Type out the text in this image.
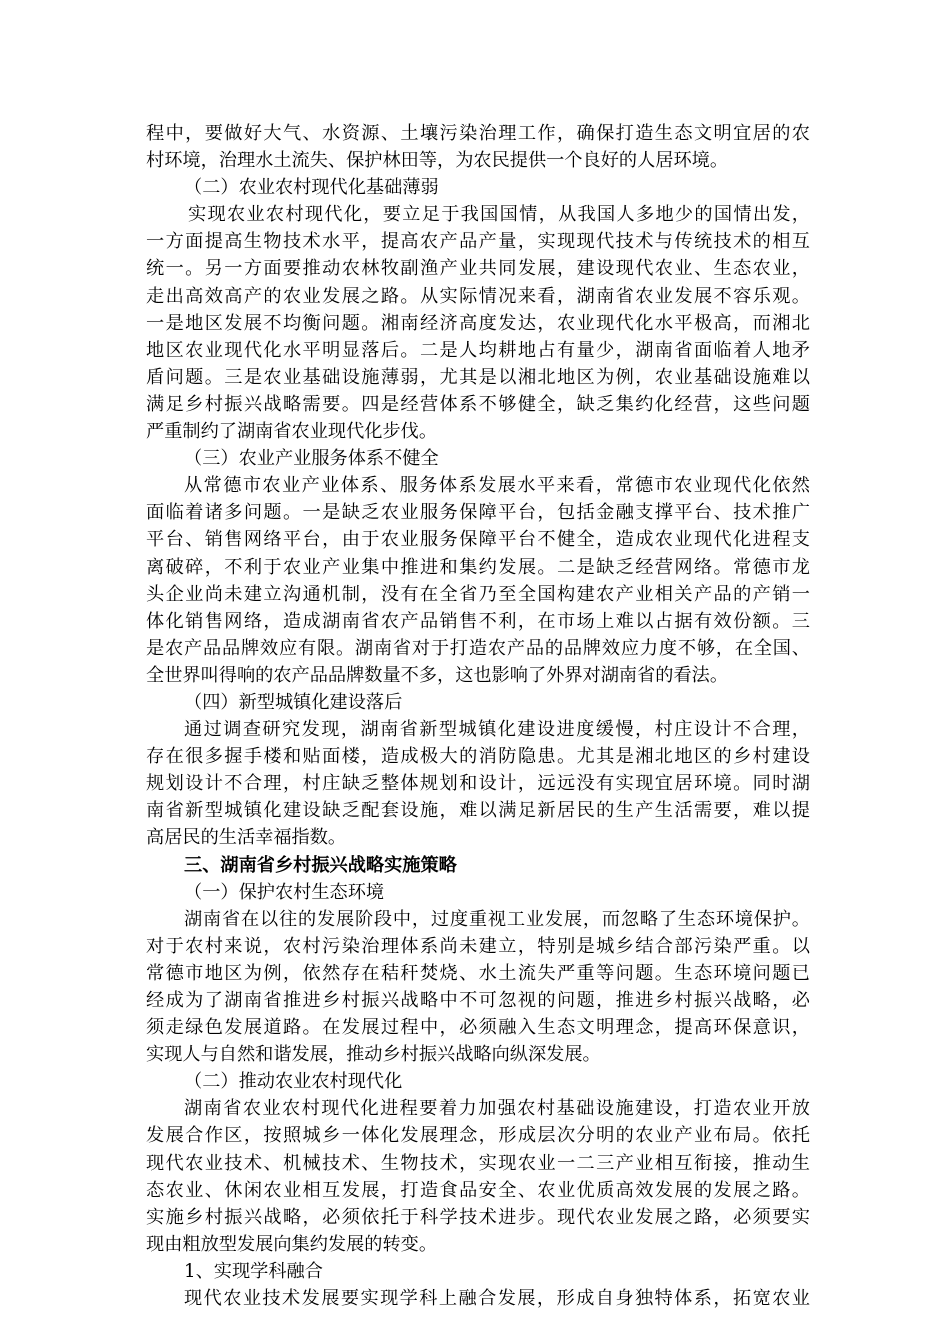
程中，要做好大气、水资源、土壤污染治理工作，确保打造生态文明宜居的农
村环境，治理水土流失、保护林田等，为农民提供一个良好的人居环境。
（二）农业农村现代化基础薄弱
实现农业农村现代化，要立足于我国国情，从我国人多地少的国情出发，
一方面提高生物技术水平，提高农产品产量，实现现代技术与传统技术的相互
统一。另一方面要推动农林牧副渔产业共同发展，建设现代农业、生态农业，
走出高效高产的农业发展之路。从实际情况来看，湖南省农业发展不容乐观。
一是地区发展不均衡问题。湘南经济高度发达，农业现代化水平极高，而湘北
地区农业现代化水平明显落后。二是人均耕地占有量少，湖南省面临着人地矛
盾问题。三是农业基础设施薄弱，尤其是以湘北地区为例，农业基础设施难以
满足乡村振兴战略需要。四是经营体系不够健全，缺乏集约化经营，这些问题
严重制约了湖南省农业现代化步伐。
（三）农业产业服务体系不健全
从常德市农业产业体系、服务体系发展水平来看，常德市农业现代化依然
面临着诸多问题。一是缺乏农业服务保障平台，包括金融支撑平台、技术推广
平台、销售网络平台，由于农业服务保障平台不健全，造成农业现代化进程支
离破碎，不利于农业产业集中推进和集约发展。二是缺乏经营网络。常德市龙
头企业尚未建立沟通机制，没有在全省乃至全国构建农产业相关产品的产销一
体化销售网络，造成湖南省农产品销售不利，在市场上难以占据有效份额。三
是农产品品牌效应有限。湖南省对于打造农产品的品牌效应力度不够，在全国、
全世界叫得响的农产品品牌数量不多，这也影响了外界对湖南省的看法。
（四）新型城镇化建设落后
通过调查研究发现，湖南省新型城镇化建设进度缓慢，村庄设计不合理，
存在很多握手楼和贴面楼，造成极大的消防隐患。尤其是湘北地区的乡村建设
规划设计不合理，村庄缺乏整体规划和设计，远远没有实现宜居环境。同时湖
南省新型城镇化建设缺乏配套设施，难以满足新居民的生产生活需要，难以提
高居民的生活幸福指数。
三、湖南省乡村振兴战略实施策略
（一）保护农村生态环境
湖南省在以往的发展阶段中，过度重视工业发展，而忽略了生态环境保护。
对于农村来说，农村污染治理体系尚未建立，特别是城乡结合部污染严重。以
常德市地区为例，依然存在秸秆焚烧、水土流失严重等问题。生态环境问题已
经成为了湖南省推进乡村振兴战略中不可忽视的问题，推进乡村振兴战略，必
须走绿色发展道路。在发展过程中，必须融入生态文明理念，提高环保意识，
实现人与自然和谐发展，推动乡村振兴战略向纵深发展。
（二）推动农业农村现代化
湖南省农业农村现代化进程要着力加强农村基础设施建设，打造农业开放
发展合作区，按照城乡一体化发展理念，形成层次分明的农业产业布局。依托
现代农业技术、机械技术、生物技术，实现农业一二三产业相互衔接，推动生
态农业、休闲农业相互发展，打造食品安全、农业优质高效发展的发展之路。
实施乡村振兴战略，必须依托于科学技术进步。现代农业发展之路，必须要实
现由粗放型发展向集约发展的转变。
1、实现学科融合
现代农业技术发展要实现学科上融合发展，形成自身独特体系，拓宽农业
